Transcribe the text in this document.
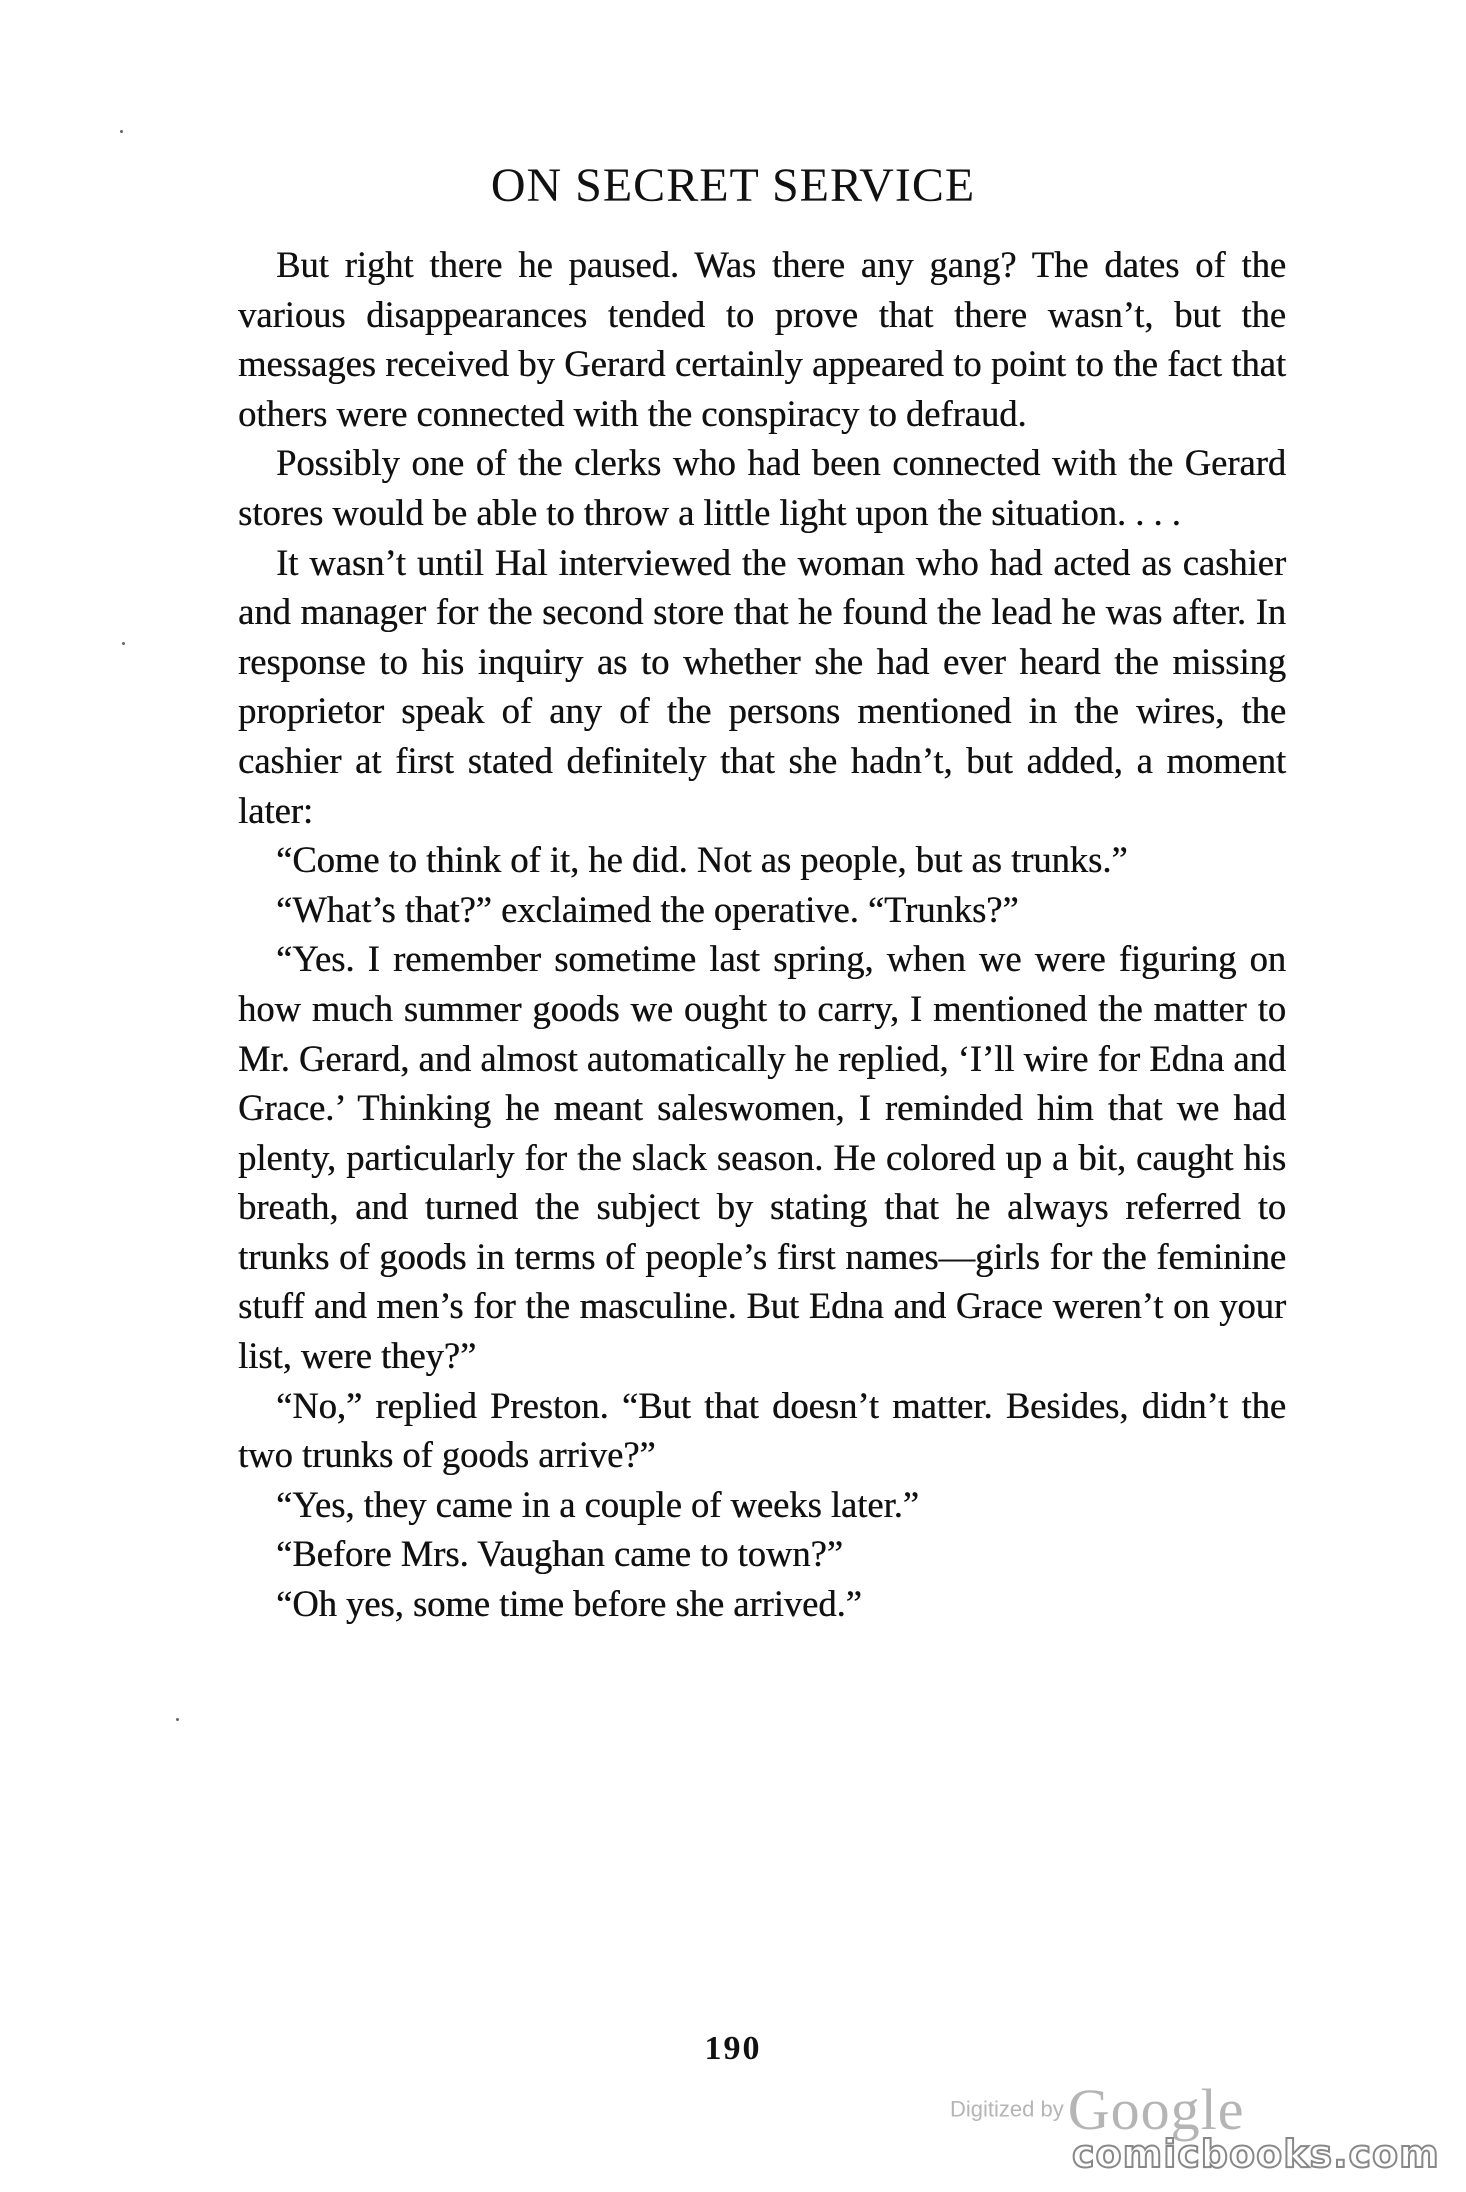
ON SECRET SERVICE

But right there he paused. Was there any gang? The dates of the various disappearances tended to prove that there wasn’t, but the messages received by Gerard certainly appeared to point to the fact that others were connected with the conspiracy to defraud.

Possibly one of the clerks who had been connected with the Gerard stores would be able to throw a little light upon the situation. . . .

It wasn’t until Hal interviewed the woman who had acted as cashier and manager for the second store that he found the lead he was after. In response to his inquiry as to whether she had ever heard the missing proprietor speak of any of the persons mentioned in the wires, the cashier at first stated definitely that she hadn’t, but added, a moment later:

“Come to think of it, he did. Not as people, but as trunks.”

“What’s that?” exclaimed the operative. “Trunks?”

“Yes. I remember sometime last spring, when we were figuring on how much summer goods we ought to carry, I mentioned the matter to Mr. Gerard, and almost automatically he replied, ‘I’ll wire for Edna and Grace.’ Thinking he meant saleswomen, I reminded him that we had plenty, particularly for the slack season. He colored up a bit, caught his breath, and turned the subject by stating that he always referred to trunks of goods in terms of people’s first names—girls for the feminine stuff and men’s for the masculine. But Edna and Grace weren’t on your list, were they?”

“No,” replied Preston. “But that doesn’t matter. Besides, didn’t the two trunks of goods arrive?”

“Yes, they came in a couple of weeks later.”

“Before Mrs. Vaughan came to town?”

“Oh yes, some time before she arrived.”

190
Digitized by Google
comicbooks.com
